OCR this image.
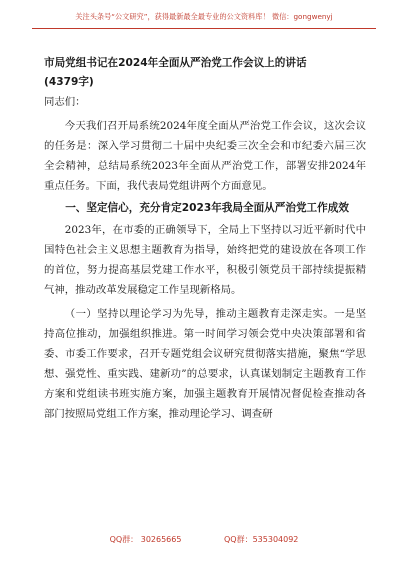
关注头条号“公文研究”，获得最新最全最专业的公文资料库！ 微信：gongwenyj

市局党组书记在2024年全面从严治党工作会议上的讲话

(4379字)

同志们：

今天我们召开局系统2024年度全面从严治党工作会议，这次会议的任务是：深入学习贯彻二十届中央纪委三次全会和市纪委六届三次全会精神，总结局系统2023年全面从严治党工作，部署安排2024年重点任务。下面，我代表局党组讲两个方面意见。

一、坚定信心，充分肯定2023年我局全面从严治党工作成效

2023年，在市委的正确领导下，全局上下坚持以习近平新时代中国特色社会主义思想主题教育为指导，始终把党的建设放在各项工作的首位，努力提高基层党建工作水平，积极引领党员干部持续提振精气神，推动改革发展稳定工作呈现新格局。

（一）坚持以理论学习为先导，推动主题教育走深走实。一是坚持高位推动，加强组织推进。第一时间学习领会党中央决策部署和省委、市委工作要求，召开专题党组会议研究贯彻落实措施，聚焦“学思想、强党性、重实践、建新功”的总要求，认真谋划制定主题教育工作方案和党组读书班实施方案，加强主题教育开展情况督促检查推动各部门按照局党组工作方案，推动理论学习、调查研

QQ群： 30265665	QQ群：535304092
